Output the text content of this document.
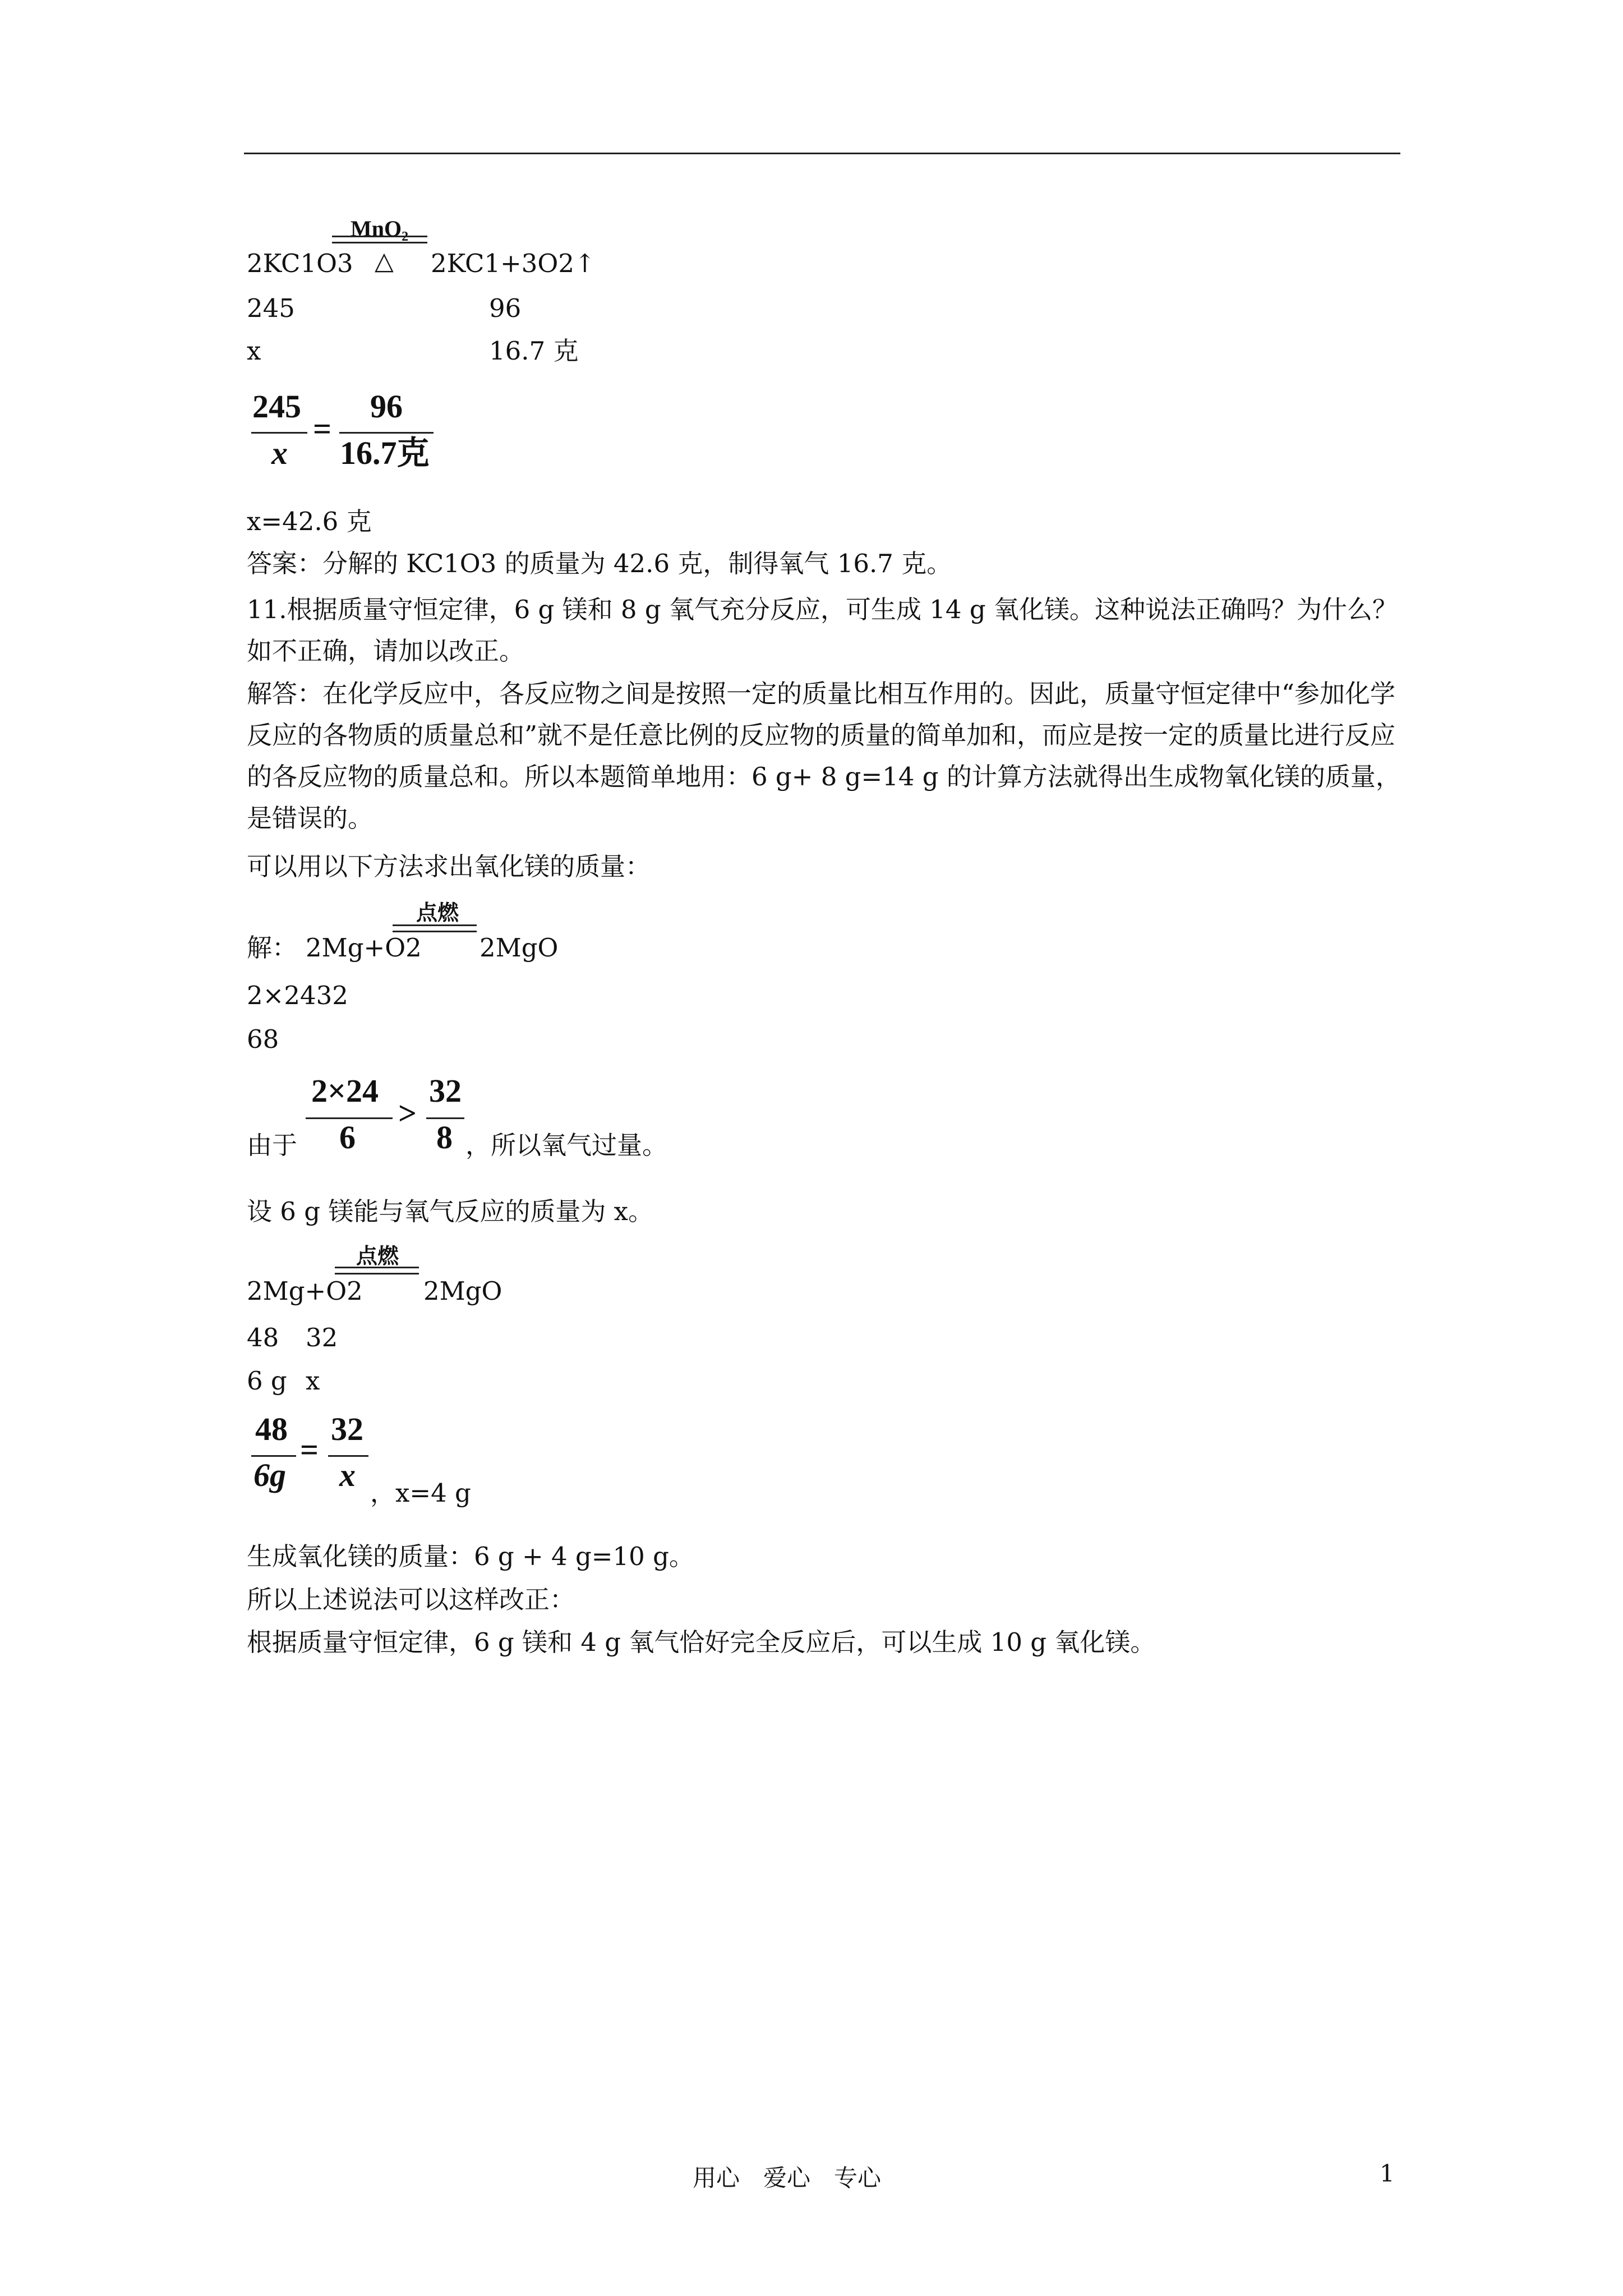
MnO₂
2KC1O3 △ 2KC1+3O2↑
245	96
x	16.7 克
245
x
=
96
16.7克
x=42.6 克
答案：分解的 KC1O3 的质量为 42.6 克，制得氧气 16.7 克。
11.根据质量守恒定律，6 g 镁和 8 g 氧气充分反应，可生成 14 g 氧化镁。这种说法正确吗？为什么？如不正确，请加以改正。
解答：在化学反应中，各反应物之间是按照一定的质量比相互作用的。因此，质量守恒定律中“参加化学反应的各物质的质量总和”就不是任意比例的反应物的质量的简单加和，而应是按一定的质量比进行反应的各反应物的质量总和。所以本题简单地用：6 g+ 8 g=14 g 的计算方法就得出生成物氧化镁的质量，是错误的。
可以用以下方法求出氧化镁的质量：
点燃
解： 2Mg+O2 2MgO
2×2432
68
2×24
6
>
32
8
由于	，所以氧气过量。
设 6 g 镁能与氧气反应的质量为 x。
点燃
2Mg+O2 2MgO
48 32
6 g x
48
6g
=
32
x ，x=4 g
生成氧化镁的质量：6 g + 4 g=10 g。
所以上述说法可以这样改正：
根据质量守恒定律，6 g 镁和 4 g 氧气恰好完全反应后，可以生成 10 g 氧化镁。
用心　爱心　专心	1
